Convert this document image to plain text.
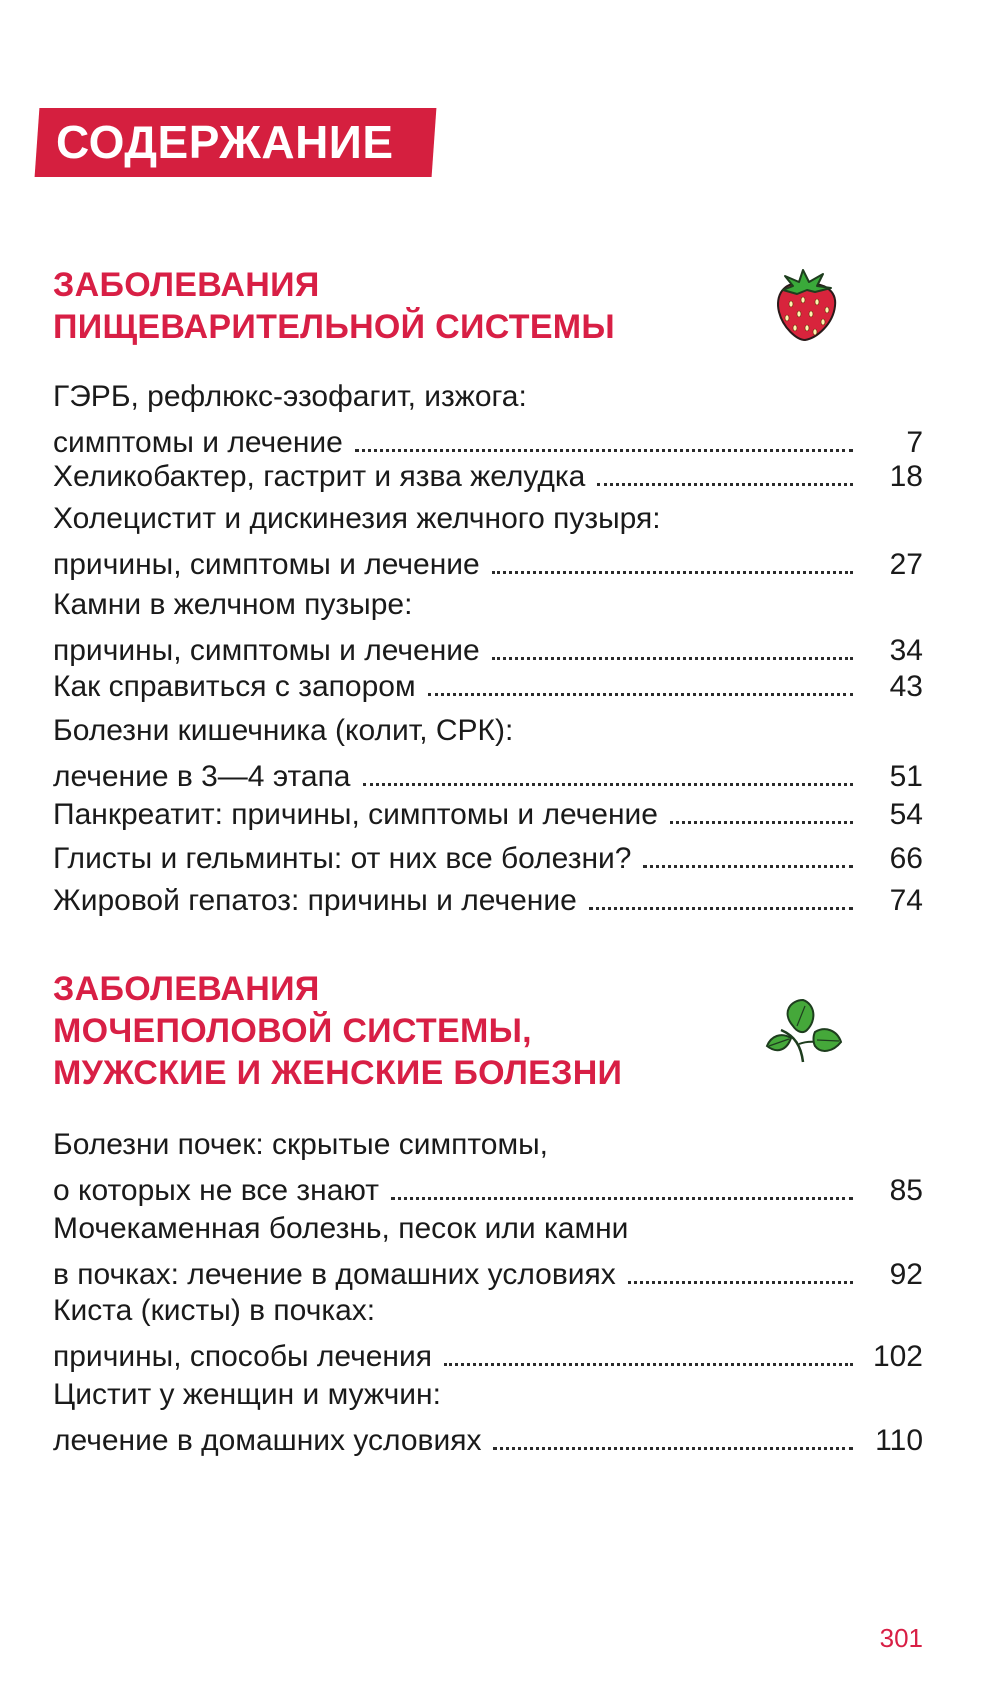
СОДЕРЖАНИЕ
ЗАБОЛЕВАНИЯ
ПИЩЕВАРИТЕЛЬНОЙ СИСТЕМЫ
ГЭРБ, рефлюкс-эзофагит, изжога:
симптомы и лечение	7
Хеликобактер, гастрит и язва желудка	18
Холецистит и дискинезия желчного пузыря:
причины, симптомы и лечение	27
Камни в желчном пузыре:
причины, симптомы и лечение	34
Как справиться с запором	43
Болезни кишечника (колит, СРК):
лечение в 3—4 этапа	51
Панкреатит: причины, симптомы и лечение	54
Глисты и гельминты: от них все болезни?	66
Жировой гепатоз: причины и лечение	74
ЗАБОЛЕВАНИЯ
МОЧЕПОЛОВОЙ СИСТЕМЫ,
МУЖСКИЕ И ЖЕНСКИЕ БОЛЕЗНИ
Болезни почек: скрытые симптомы,
о которых не все знают	85
Мочекаменная болезнь, песок или камни
в почках: лечение в домашних условиях	92
Киста (кисты) в почках:
причины, способы лечения	102
Цистит у женщин и мужчин:
лечение в домашних условиях	110
301
